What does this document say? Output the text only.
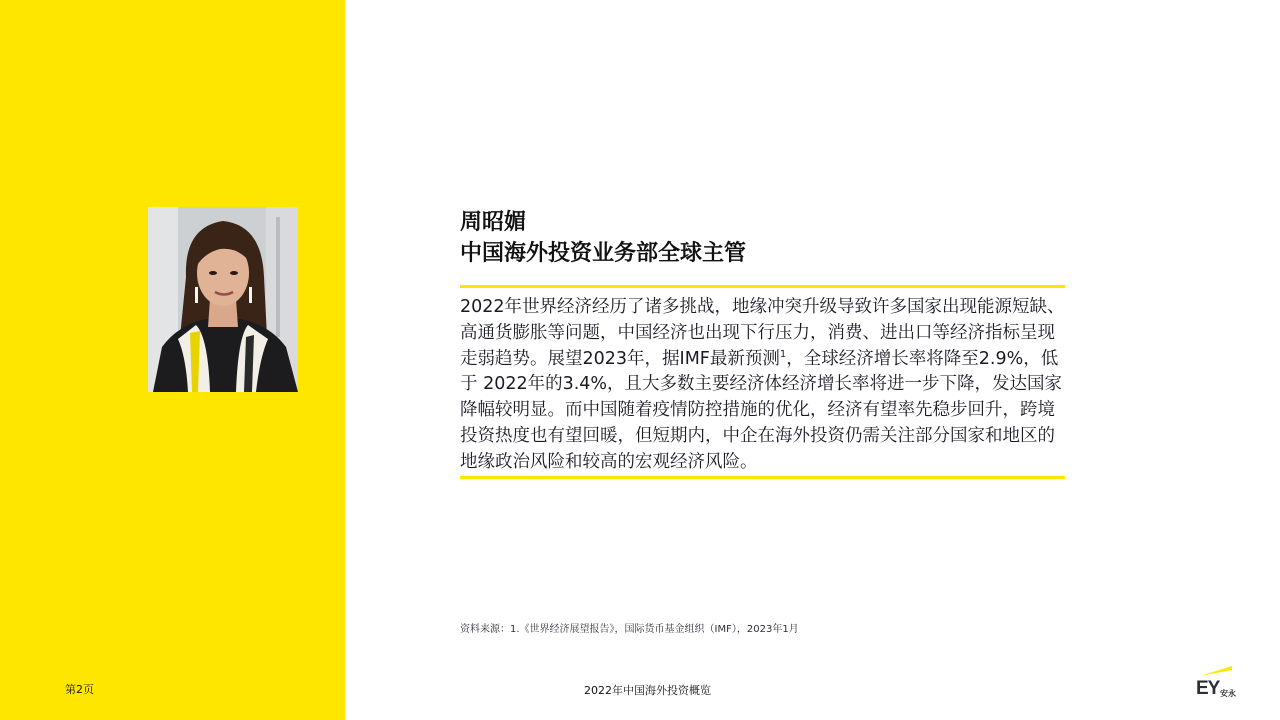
周昭媚
中国海外投资业务部全球主管
2022年世界经济经历了诸多挑战，地缘冲突升级导致许多国家出现能源短缺、高通货膨胀等问题，中国经济也出现下行压力，消费、进出口等经济指标呈现走弱趋势。展望2023年，据IMF最新预测$^1$，全球经济增长率将降至2.9%，低于 2022年的3.4%，且大多数主要经济体经济增长率将进一步下降，发达国家降幅较明显。而中国随着疫情防控措施的优化，经济有望率先稳步回升，跨境投资热度也有望回暖，但短期内，中企在海外投资仍需关注部分国家和地区的地缘政治风险和较高的宏观经济风险。
资料来源：1.《世界经济展望报告》，国际货币基金组织（IMF），2023年1月
第2页	2022年中国海外投资概览	EY 安永
